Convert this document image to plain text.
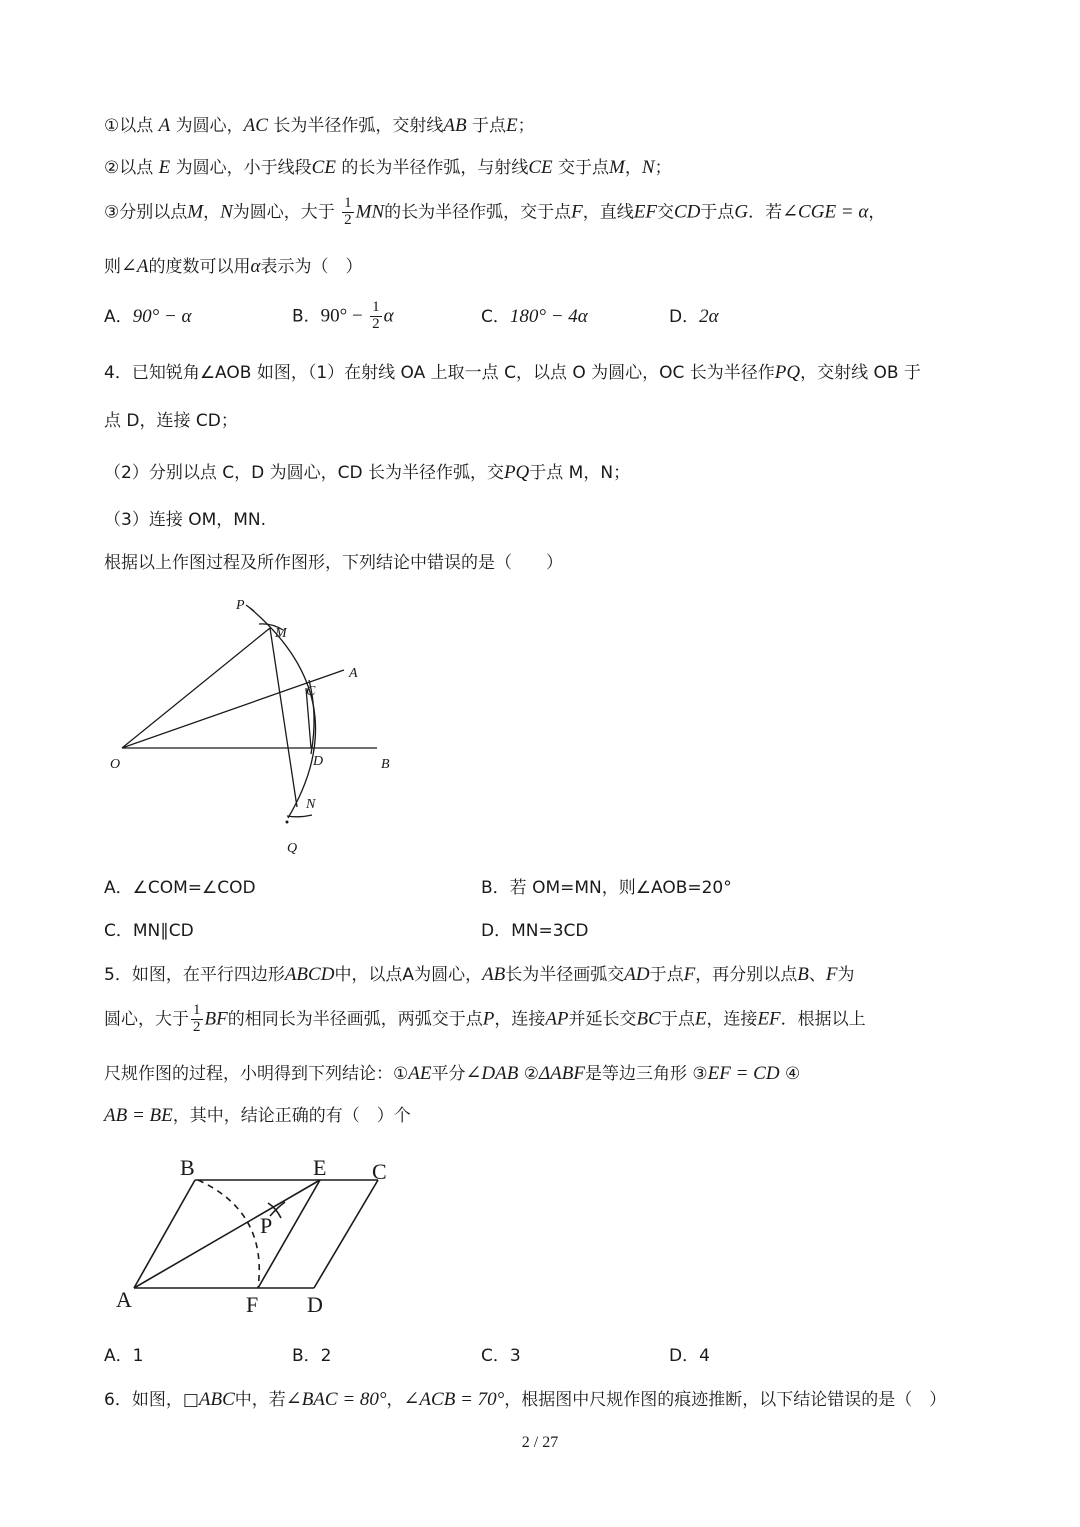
①以点 A 为圆心，AC 长为半径作弧，交射线AB 于点E；
②以点 E 为圆心，小于线段CE 的长为半径作弧，与射线CE 交于点M，N；
③分别以点M，N为圆心，大于 $\frac{1}{2}$ MN的长为半径作弧，交于点F，直线EF交CD于点G．若∠CGE = α，
则∠A的度数可以用α表示为（　）
A．90° − α	B．$90^\circ - \frac{1}{2}$ α	C．180° − 4α	D．2α
4．已知锐角∠AOB 如图，（1）在射线 OA 上取一点 C，以点 O 为圆心，OC 长为半径作PQ，交射线 OB 于
点 D，连接 CD；
（2）分别以点 C，D 为圆心，CD 长为半径作弧，交PQ于点 M，N；
（3）连接 OM，MN.
根据以上作图过程及所作图形，下列结论中错误的是（　　）
P
M
A
C
O	D	B
N
Q
A．∠COM=∠COD	B．若 OM=MN，则∠AOB=20°
C．MN∥CD	D．MN=3CD
5．如图，在平行四边形ABCD中，以点A为圆心，AB长为半径画弧交AD于点F，再分别以点B、F为
圆心，大于 $\frac{1}{2}$ BF的相同长为半径画弧，两弧交于点P，连接AP并延长交BC于点E，连接EF．根据以上
尺规作图的过程，小明得到下列结论：①AE平分∠DAB ②ΔABF是等边三角形 ③EF = CD ④
AB = BE，其中，结论正确的有（　）个
B	E C
P
A	F D
A．1	B．2	C．3	D．4
6．如图，□ABC中，若∠BAC = 80°，∠ACB = 70°，根据图中尺规作图的痕迹推断，以下结论错误的是（　）
2 / 27
